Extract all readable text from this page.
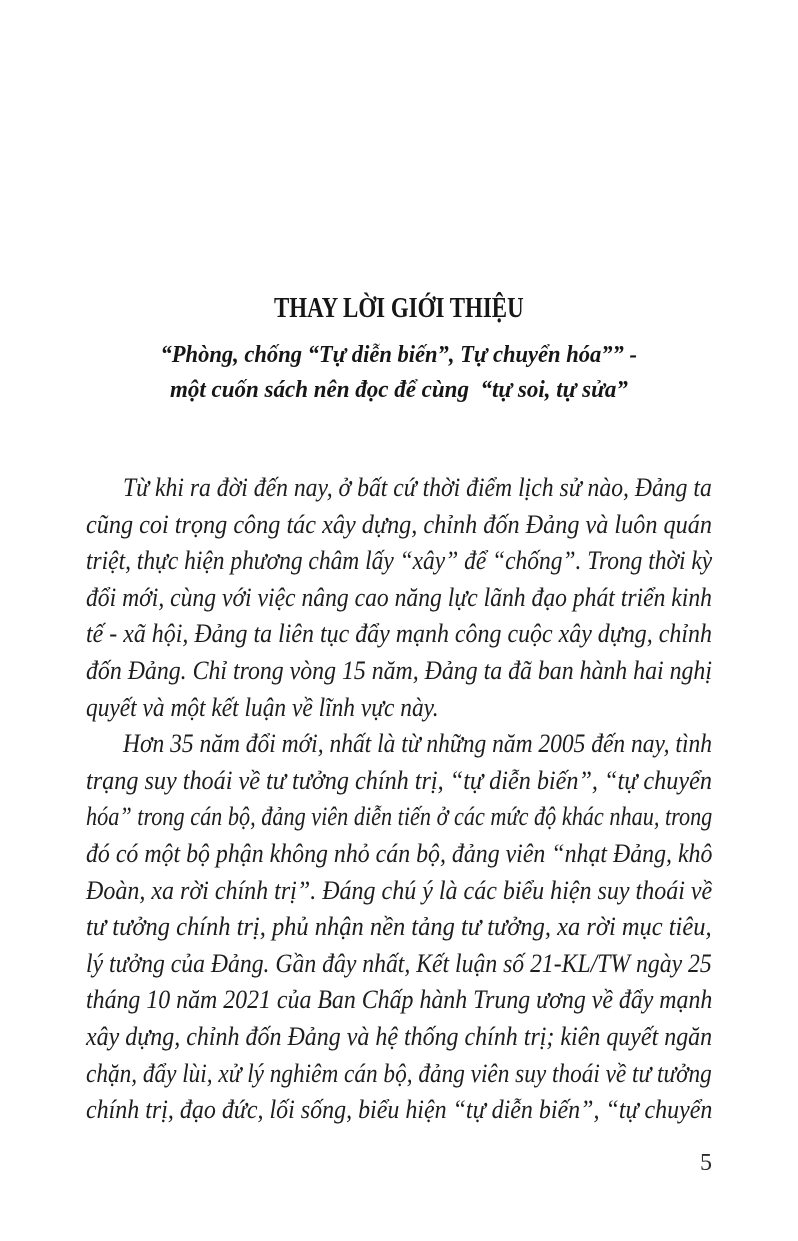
THAY LỜI GIỚI THIỆU
“Phòng, chống “Tự diễn biến”, Tự chuyển hóa”” -
một cuốn sách nên đọc để cùng  “tự soi, tự sửa”
Từ khi ra đời đến nay, ở bất cứ thời điểm lịch sử nào, Đảng ta
cũng coi trọng công tác xây dựng, chỉnh đốn Đảng và luôn quán
triệt, thực hiện phương châm lấy “xây” để “chống”. Trong thời kỳ
đổi mới, cùng với việc nâng cao năng lực lãnh đạo phát triển kinh
tế - xã hội, Đảng ta liên tục đẩy mạnh công cuộc xây dựng, chỉnh
đốn Đảng. Chỉ trong vòng 15 năm, Đảng ta đã ban hành hai nghị
quyết và một kết luận về lĩnh vực này.
Hơn 35 năm đổi mới, nhất là từ những năm 2005 đến nay, tình
trạng suy thoái về tư tưởng chính trị, “tự diễn biến”, “tự chuyển
hóa” trong cán bộ, đảng viên diễn tiến ở các mức độ khác nhau, trong
đó có một bộ phận không nhỏ cán bộ, đảng viên “nhạt Đảng, khô
Đoàn, xa rời chính trị”. Đáng chú ý là các biểu hiện suy thoái về
tư tưởng chính trị, phủ nhận nền tảng tư tưởng, xa rời mục tiêu,
lý tưởng của Đảng. Gần đây nhất, Kết luận số 21-KL/TW ngày 25
tháng 10 năm 2021 của Ban Chấp hành Trung ương về đẩy mạnh
xây dựng, chỉnh đốn Đảng và hệ thống chính trị; kiên quyết ngăn
chặn, đẩy lùi, xử lý nghiêm cán bộ, đảng viên suy thoái về tư tưởng
chính trị, đạo đức, lối sống, biểu hiện “tự diễn biến”, “tự chuyển
5
